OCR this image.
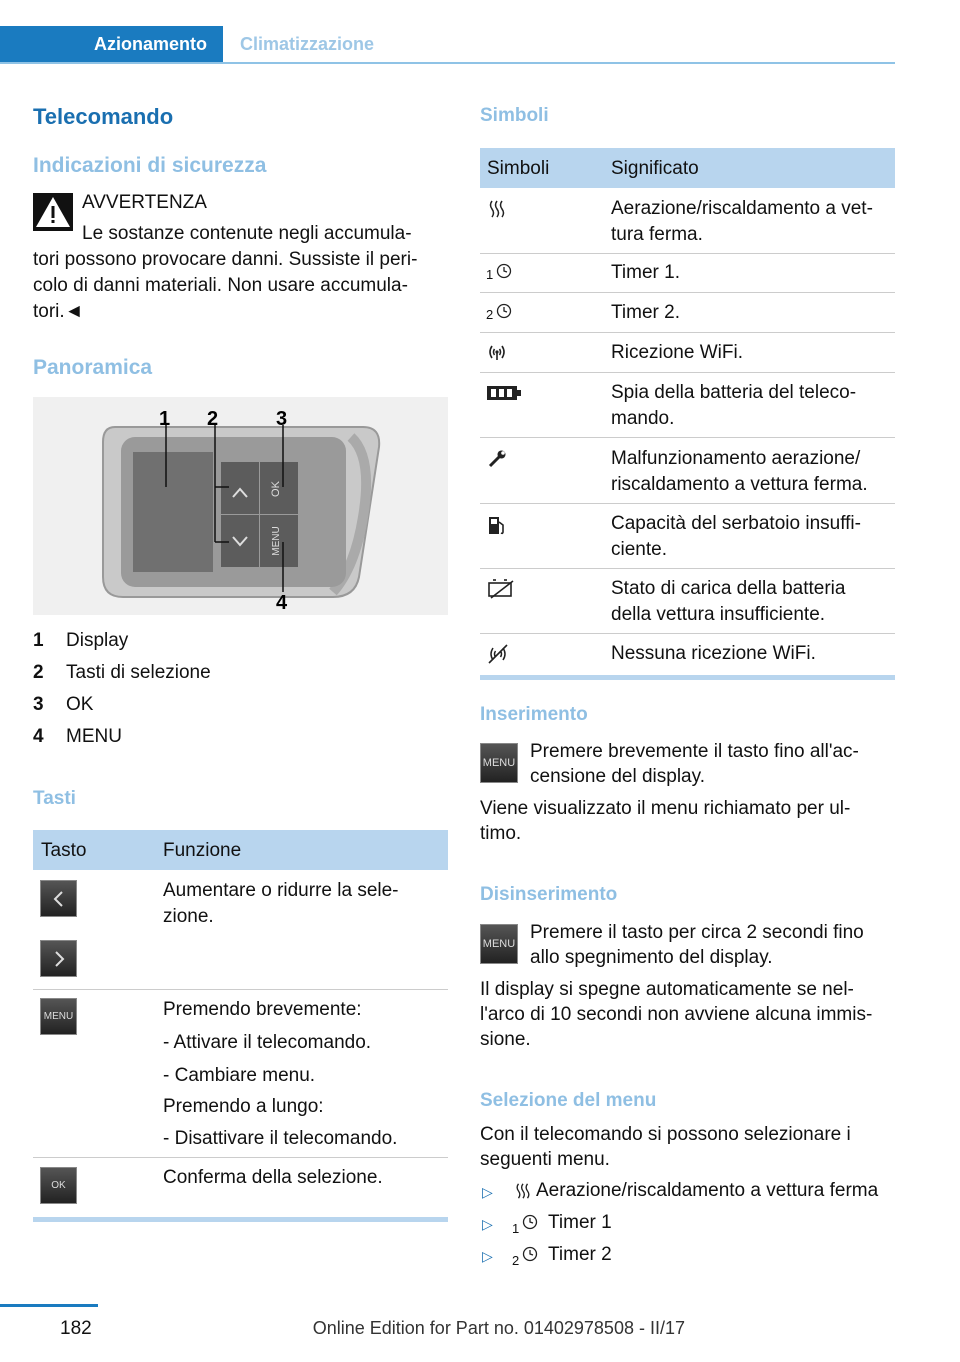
Azionamento	Climatizzazione
Telecomando
Indicazioni di sicurezza
AVVERTENZA
Le sostanze contenute negli accumula-
tori possono provocare danni. Sussiste il peri-
colo di danni materiali. Non usare accumula-
tori.◄
Panoramica
OK
MENU
1 2	3
4
1 Display
2 Tasti di selezione
3 OK
4 MENU
Tasti
Tasto	Funzione
Aumentare o ridurre la sele-
zione.
MENU	Premendo brevemente:
- Attivare il telecomando.
- Cambiare menu.
Premendo a lungo:
- Disattivare il telecomando.
OK	Conferma della selezione.
Simboli
Simboli	Significato
Aerazione/riscaldamento a vet-
tura ferma.
1	Timer 1.
2	Timer 2.
Ricezione WiFi.
Spia della batteria del teleco-
mando.
Malfunzionamento aerazione/
riscaldamento a vettura ferma.
Capacità del serbatoio insuffi-
ciente.
Stato di carica della batteria
della vettura insufficiente.
Nessuna ricezione WiFi.
Inserimento
MENU
Premere brevemente il tasto fino all'ac-
censione del display.
Viene visualizzato il menu richiamato per ul-
timo.
Disinserimento
MENU
Premere il tasto per circa 2 secondi fino
allo spegnimento del display.
Il display si spegne automaticamente se nel-
l'arco di 10 secondi non avviene alcuna immis-
sione.
Selezione del menu
Con il telecomando si possono selezionare i
seguenti menu.
▷ Aerazione/riscaldamento a vettura ferma
▷ 1 Timer 1
▷ 2 Timer 2
182	Online Edition for Part no. 01402978508 - II/17
